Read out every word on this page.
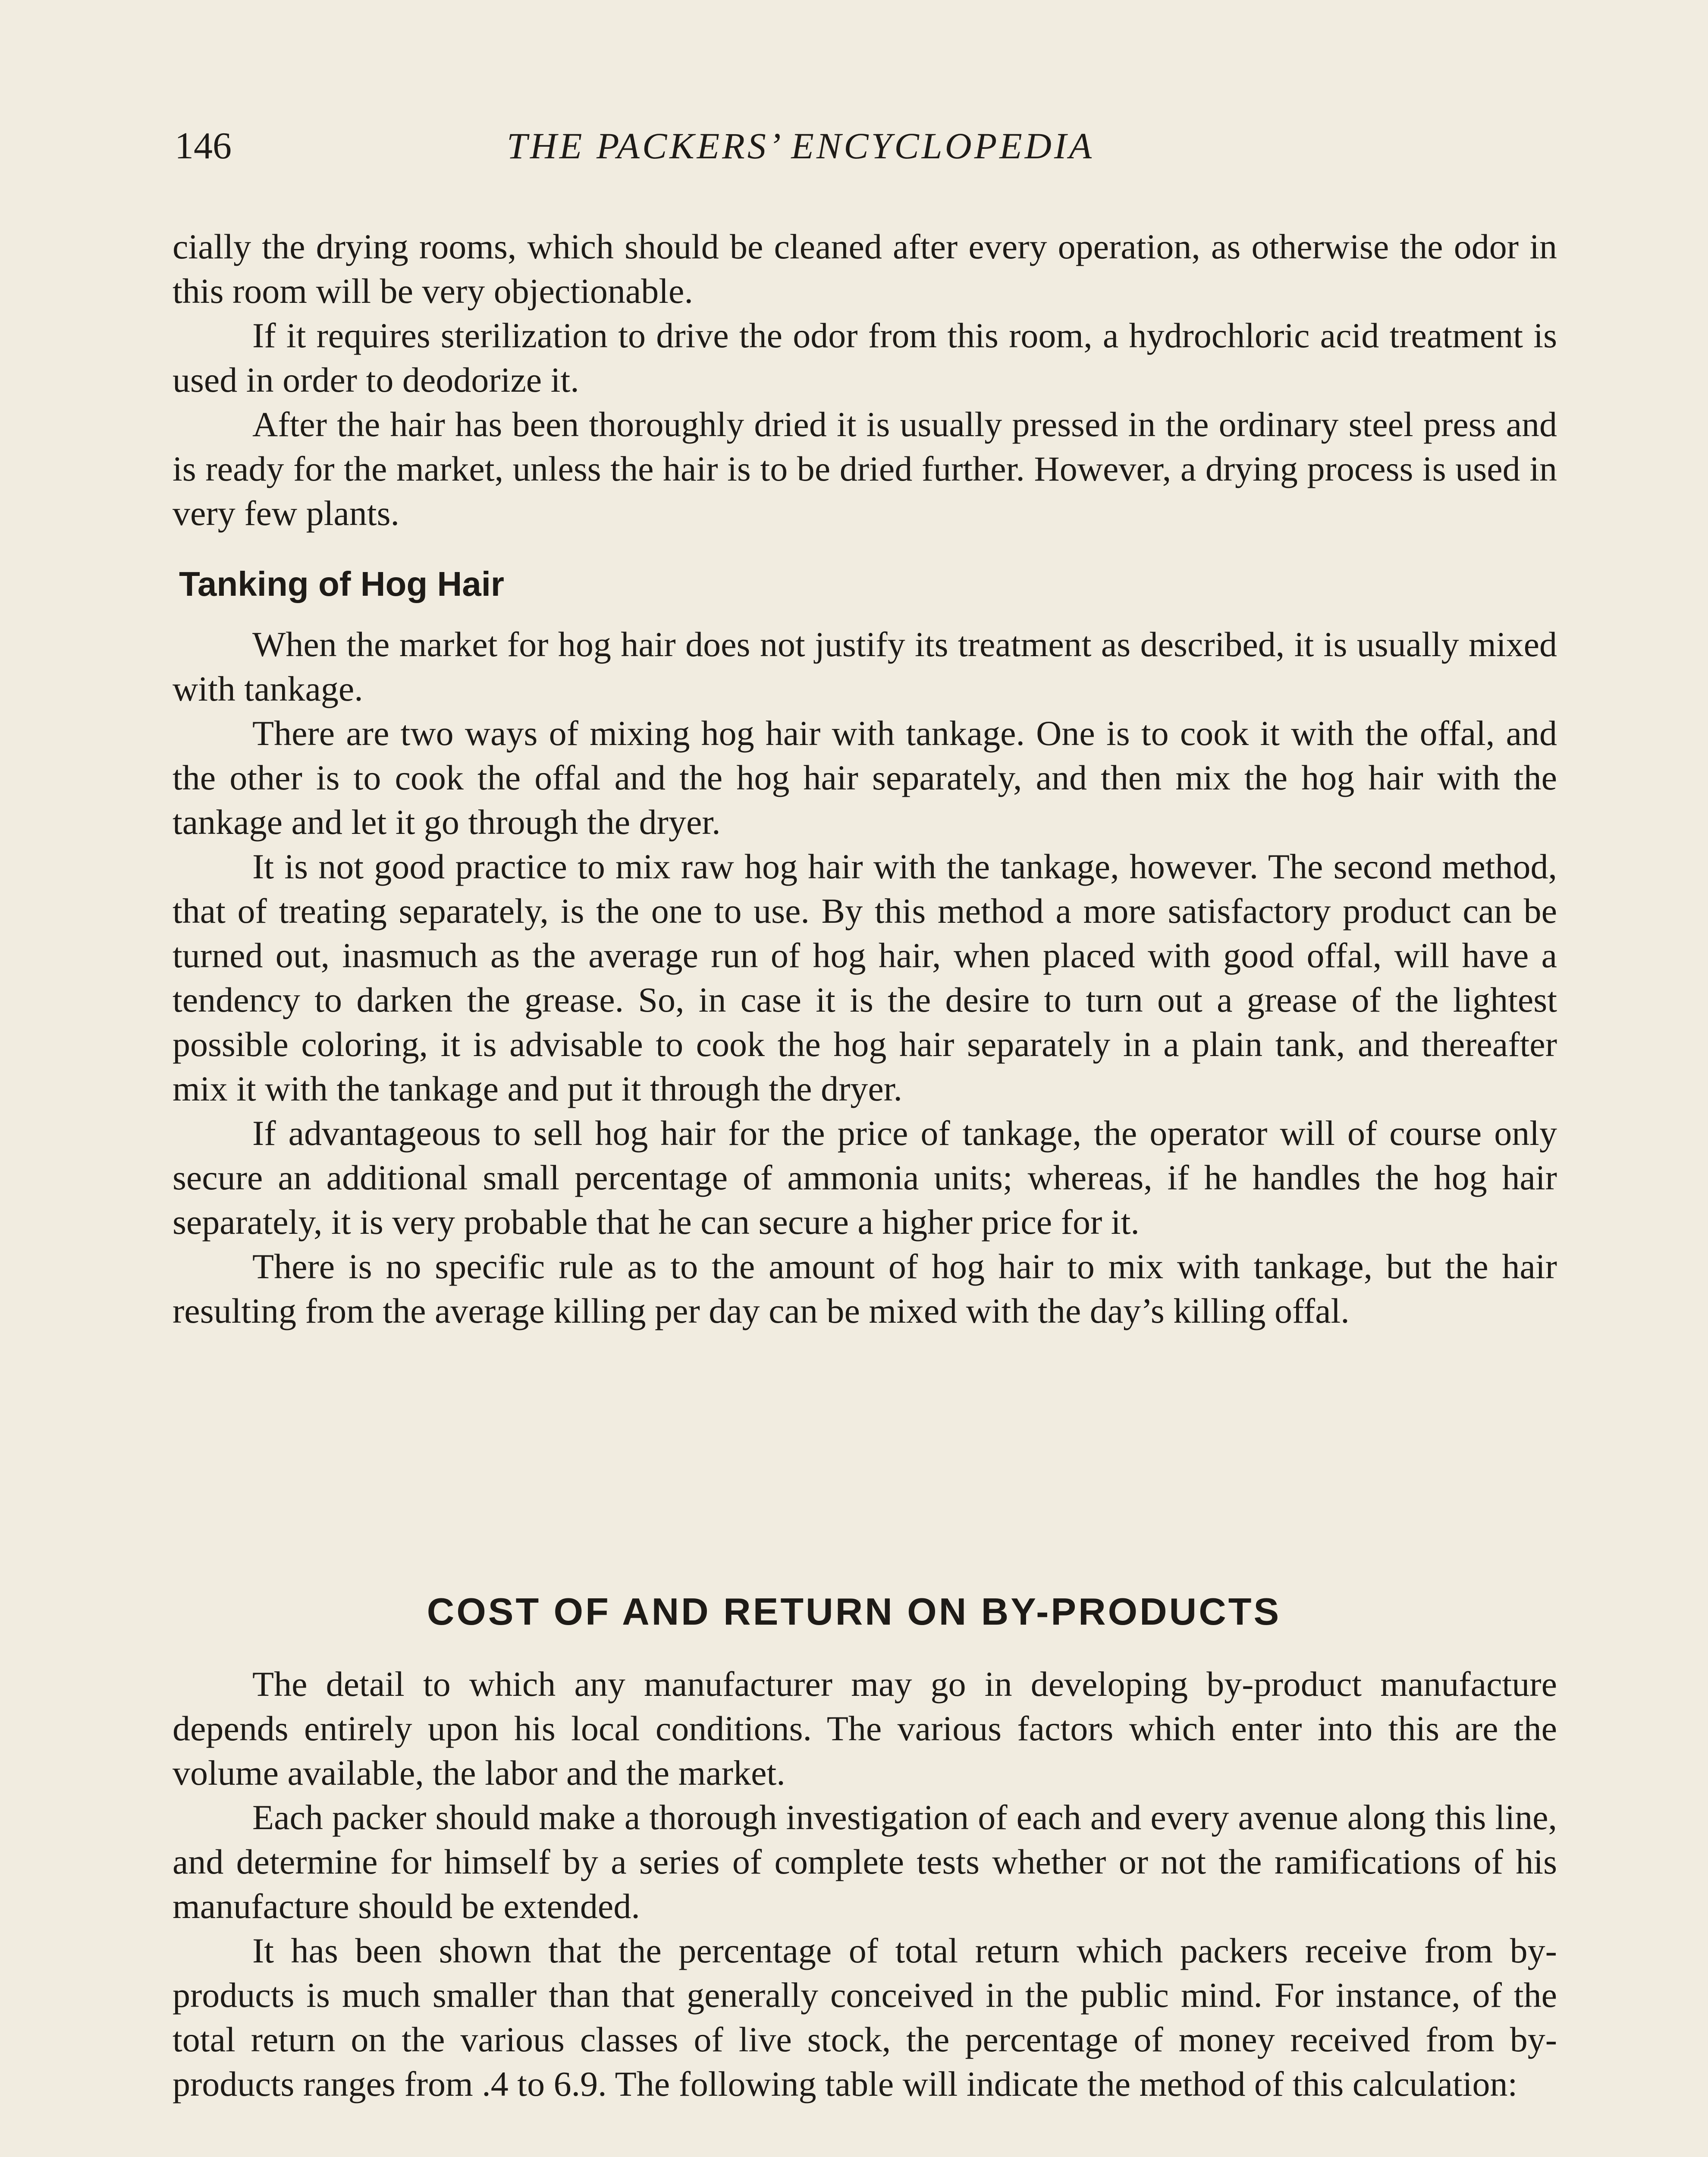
146	THE PACKERS’ ENCYCLOPEDIA

cially the drying rooms, which should be cleaned after every operation, as otherwise the odor in this room will be very objectionable.

If it requires sterilization to drive the odor from this room, a hydrochloric acid treatment is used in order to deodorize it.

After the hair has been thoroughly dried it is usually pressed in the ordinary steel press and is ready for the market, unless the hair is to be dried further. However, a drying process is used in very few plants.

Tanking of Hog Hair

When the market for hog hair does not justify its treatment as described, it is usually mixed with tankage.

There are two ways of mixing hog hair with tankage. One is to cook it with the offal, and the other is to cook the offal and the hog hair separately, and then mix the hog hair with the tankage and let it go through the dryer.

It is not good practice to mix raw hog hair with the tankage, however. The second method, that of treating separately, is the one to use. By this method a more satisfactory product can be turned out, inasmuch as the average run of hog hair, when placed with good offal, will have a tendency to darken the grease. So, in case it is the desire to turn out a grease of the lightest possible coloring, it is advisable to cook the hog hair separately in a plain tank, and thereafter mix it with the tankage and put it through the dryer.

If advantageous to sell hog hair for the price of tankage, the operator will of course only secure an additional small percentage of ammonia units; whereas, if he handles the hog hair separately, it is very probable that he can secure a higher price for it.

There is no specific rule as to the amount of hog hair to mix with tankage, but the hair resulting from the average killing per day can be mixed with the day’s killing offal.

COST OF AND RETURN ON BY-PRODUCTS

The detail to which any manufacturer may go in developing by-product manufacture depends entirely upon his local conditions. The various factors which enter into this are the volume available, the labor and the market.

Each packer should make a thorough investigation of each and every avenue along this line, and determine for himself by a series of complete tests whether or not the ramifications of his manufacture should be extended.

It has been shown that the percentage of total return which packers receive from by-products is much smaller than that generally conceived in the public mind. For instance, of the total return on the various classes of live stock, the percentage of money received from by-products ranges from .4 to 6.9. The following table will indicate the method of this calculation:
